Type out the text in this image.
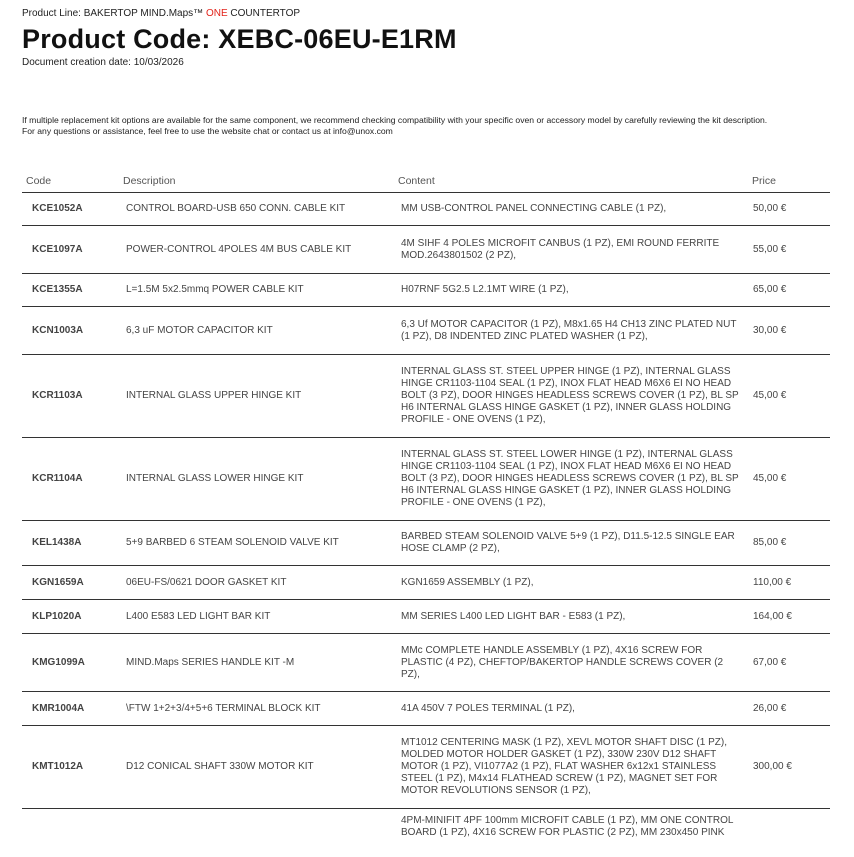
Product Line: BAKERTOP MIND.Maps™ ONE COUNTERTOP
Product Code: XEBC-06EU-E1RM
Document creation date: 10/03/2026
If multiple replacement kit options are available for the same component, we recommend checking compatibility with your specific oven or accessory model by carefully reviewing the kit description.
For any questions or assistance, feel free to use the website chat or contact us at info@unox.com
Code	Description	Content	Price
KCE1052A	CONTROL BOARD-USB 650 CONN. CABLE KIT	MM USB-CONTROL PANEL CONNECTING CABLE (1 PZ),	50,00 €
KCE1097A	POWER-CONTROL 4POLES 4M BUS CABLE KIT	4M SIHF 4 POLES MICROFIT CANBUS (1 PZ), EMI ROUND FERRITE MOD.2643801502 (2 PZ),	55,00 €
KCE1355A	L=1.5M 5x2.5mmq POWER CABLE KIT	H07RNF 5G2.5 L2.1MT WIRE (1 PZ),	65,00 €
KCN1003A	6,3 uF MOTOR CAPACITOR KIT	6,3 Uf MOTOR CAPACITOR (1 PZ), M8x1.65 H4 CH13 ZINC PLATED NUT (1 PZ), D8 INDENTED ZINC PLATED WASHER (1 PZ),	30,00 €
KCR1103A	INTERNAL GLASS UPPER HINGE KIT	INTERNAL GLASS ST. STEEL UPPER HINGE (1 PZ), INTERNAL GLASS HINGE CR1103-1104 SEAL (1 PZ), INOX FLAT HEAD M6X6 EI NO HEAD BOLT (3 PZ), DOOR HINGES HEADLESS SCREWS COVER (1 PZ), BL SP H6 INTERNAL GLASS HINGE GASKET (1 PZ), INNER GLASS HOLDING PROFILE - ONE OVENS (1 PZ),	45,00 €
KCR1104A	INTERNAL GLASS LOWER HINGE KIT	INTERNAL GLASS ST. STEEL LOWER HINGE (1 PZ), INTERNAL GLASS HINGE CR1103-1104 SEAL (1 PZ), INOX FLAT HEAD M6X6 EI NO HEAD BOLT (3 PZ), DOOR HINGES HEADLESS SCREWS COVER (1 PZ), BL SP H6 INTERNAL GLASS HINGE GASKET (1 PZ), INNER GLASS HOLDING PROFILE - ONE OVENS (1 PZ),	45,00 €
KEL1438A	5+9 BARBED 6 STEAM SOLENOID VALVE KIT	BARBED STEAM SOLENOID VALVE 5+9 (1 PZ), D11.5-12.5 SINGLE EAR HOSE CLAMP (2 PZ),	85,00 €
KGN1659A	06EU-FS/0621 DOOR GASKET KIT	KGN1659 ASSEMBLY (1 PZ),	110,00 €
KLP1020A	L400 E583 LED LIGHT BAR KIT	MM SERIES L400 LED LIGHT BAR - E583 (1 PZ),	164,00 €
KMG1099A	MIND.Maps SERIES HANDLE KIT -M	MMc COMPLETE HANDLE ASSEMBLY (1 PZ), 4X16 SCREW FOR PLASTIC (4 PZ), CHEFTOP/BAKERTOP HANDLE SCREWS COVER (2 PZ),	67,00 €
KMR1004A	\FTW 1+2+3/4+5+6 TERMINAL BLOCK KIT	41A 450V 7 POLES TERMINAL (1 PZ),	26,00 €
KMT1012A	D12 CONICAL SHAFT 330W MOTOR KIT	MT1012 CENTERING MASK (1 PZ), XEVL MOTOR SHAFT DISC (1 PZ), MOLDED MOTOR HOLDER GASKET (1 PZ), 330W 230V D12 SHAFT MOTOR (1 PZ), VI1077A2 (1 PZ), FLAT WASHER 6x12x1 STAINLESS STEEL (1 PZ), M4x14 FLATHEAD SCREW (1 PZ), MAGNET SET FOR MOTOR REVOLUTIONS SENSOR (1 PZ),	300,00 €
		4PM-MINIFIT 4PF 100mm MICROFIT CABLE (1 PZ), MM ONE CONTROL BOARD (1 PZ), 4X16 SCREW FOR PLASTIC (2 PZ), MM 230x450 PINK	
